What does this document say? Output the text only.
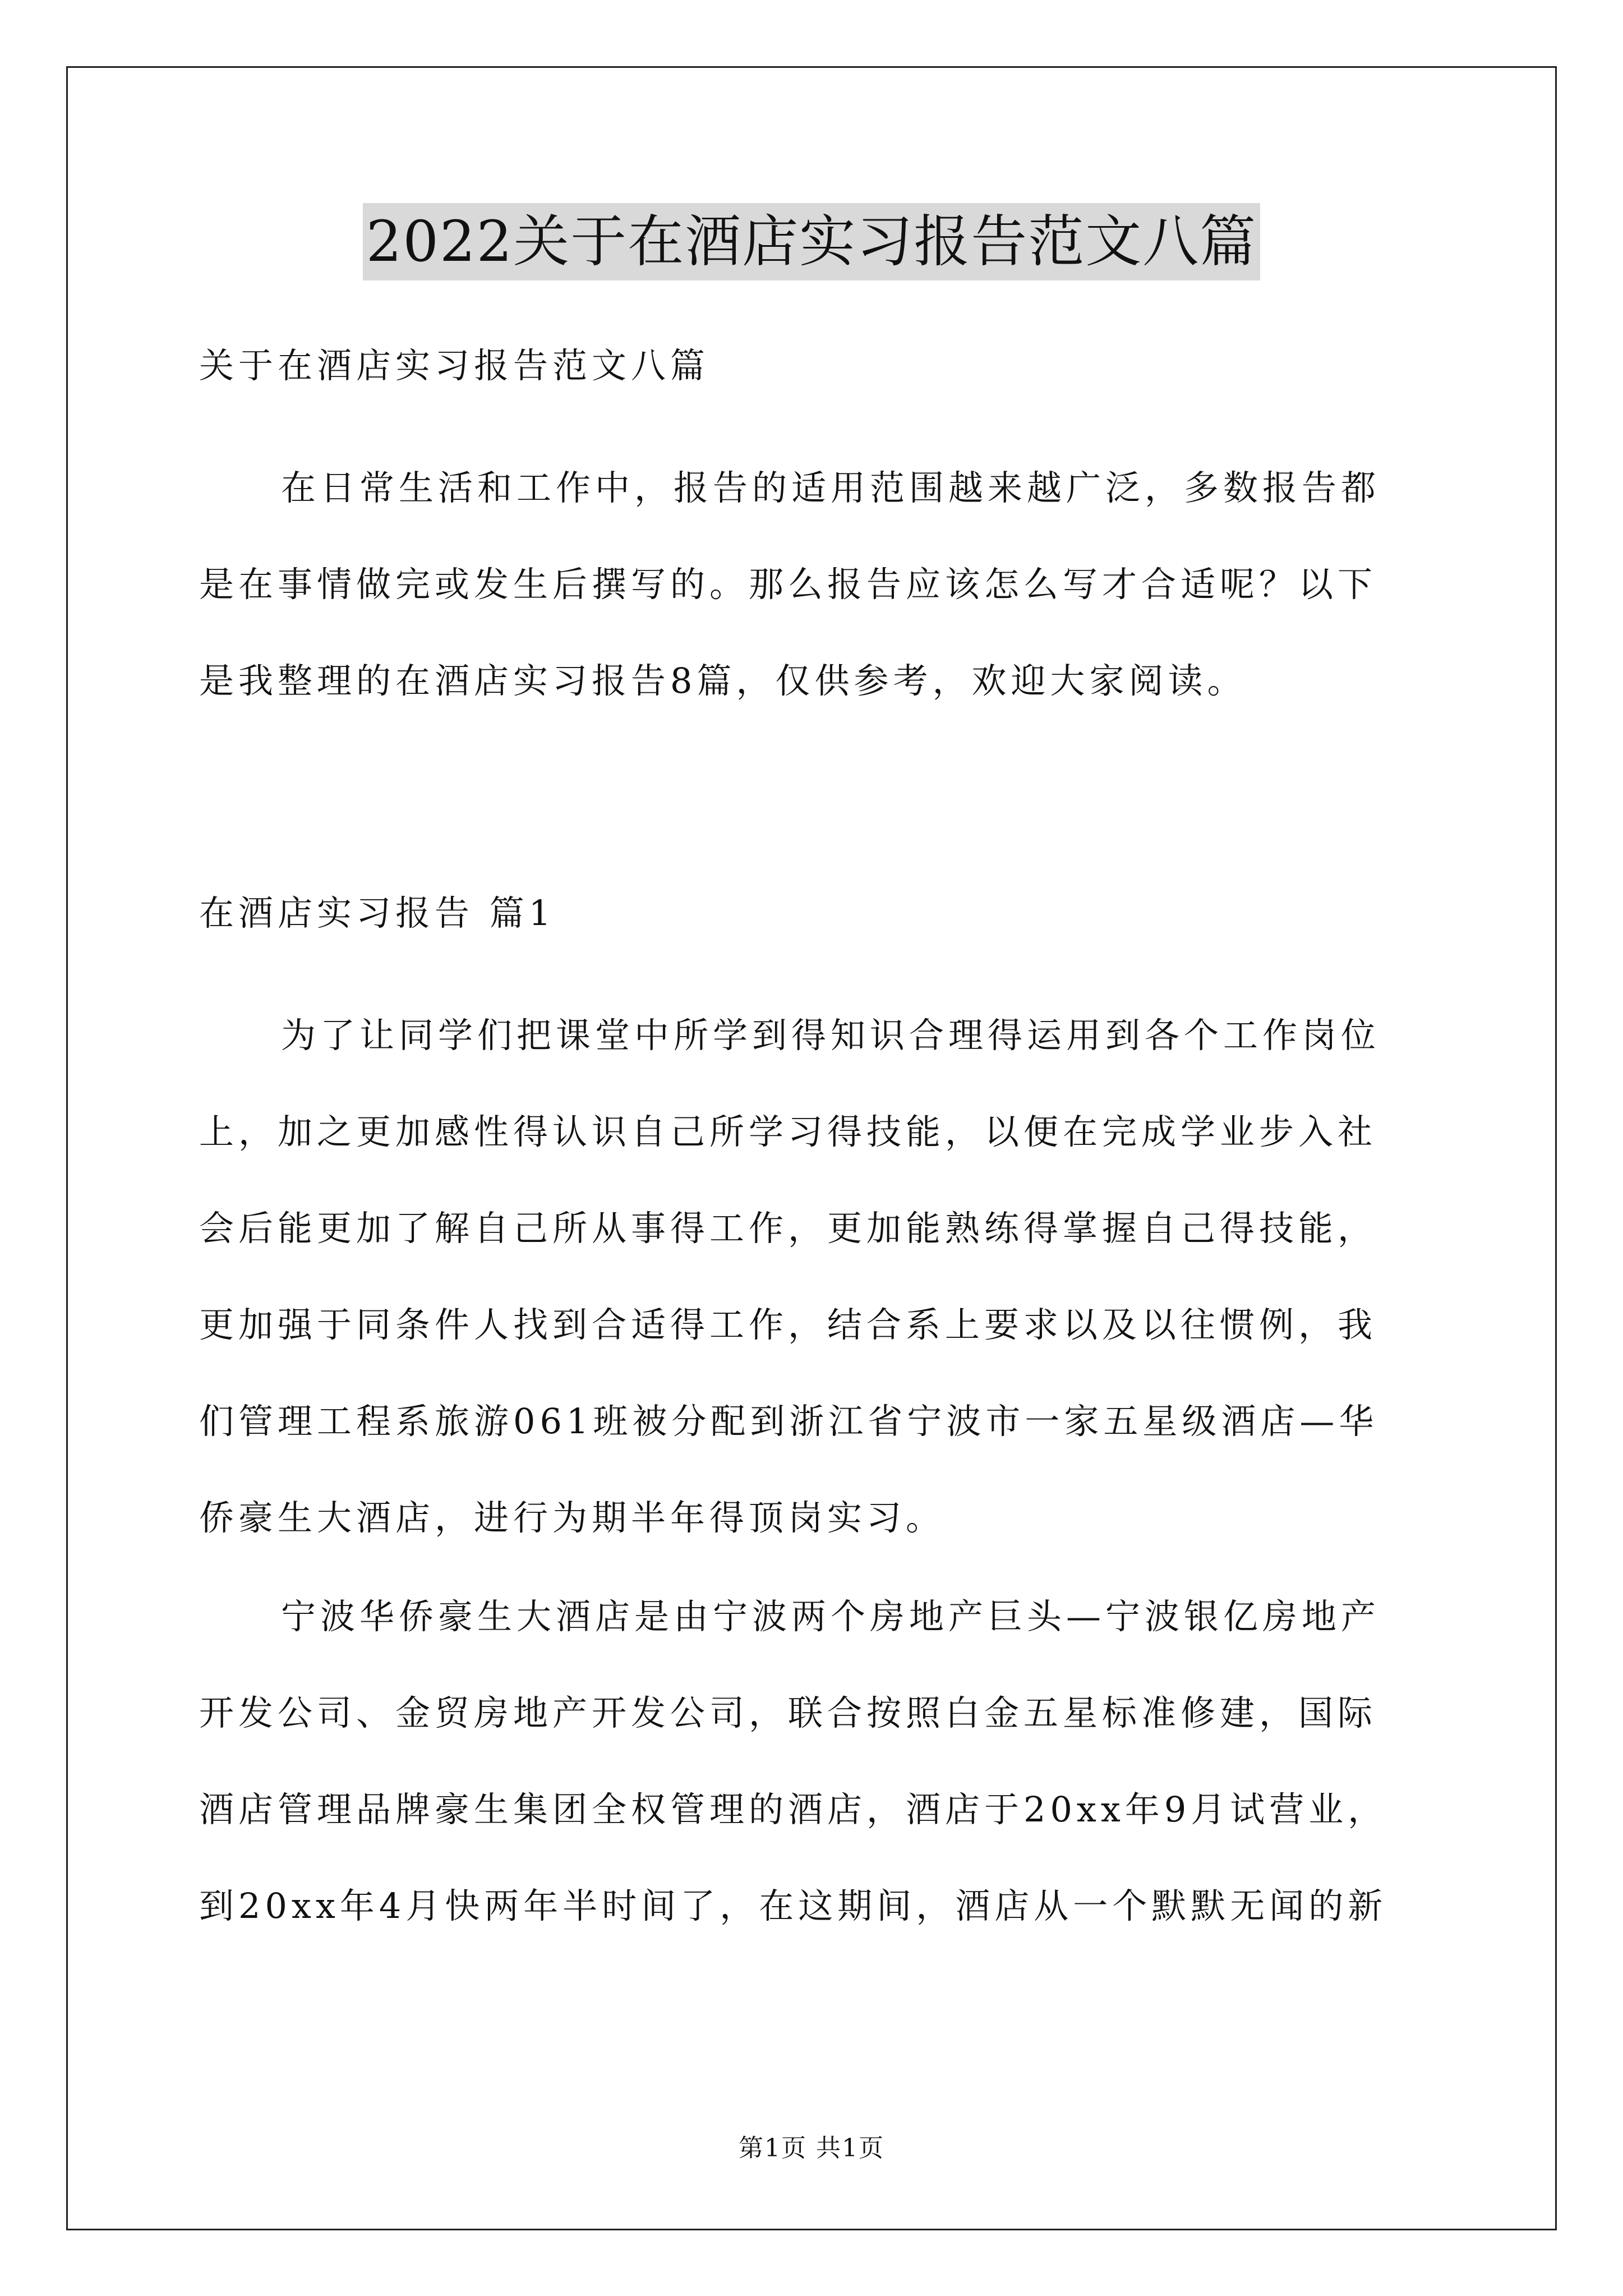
2022关于在酒店实习报告范文八篇
关于在酒店实习报告范文八篇
在日常生活和工作中，报告的适用范围越来越广泛，多数报告都
是在事情做完或发生后撰写的。那么报告应该怎么写才合适呢？以下
是我整理的在酒店实习报告8篇，仅供参考，欢迎大家阅读。
在酒店实习报告 篇1
为了让同学们把课堂中所学到得知识合理得运用到各个工作岗位
上，加之更加感性得认识自己所学习得技能，以便在完成学业步入社
会后能更加了解自己所从事得工作，更加能熟练得掌握自己得技能，
更加强于同条件人找到合适得工作，结合系上要求以及以往惯例，我
们管理工程系旅游061班被分配到浙江省宁波市一家五星级酒店—华
侨豪生大酒店，进行为期半年得顶岗实习。
宁波华侨豪生大酒店是由宁波两个房地产巨头—宁波银亿房地产
开发公司、金贸房地产开发公司，联合按照白金五星标准修建，国际
酒店管理品牌豪生集团全权管理的酒店，酒店于20xx年9月试营业，
到20xx年4月快两年半时间了，在这期间，酒店从一个默默无闻的新
第1页 共1页
